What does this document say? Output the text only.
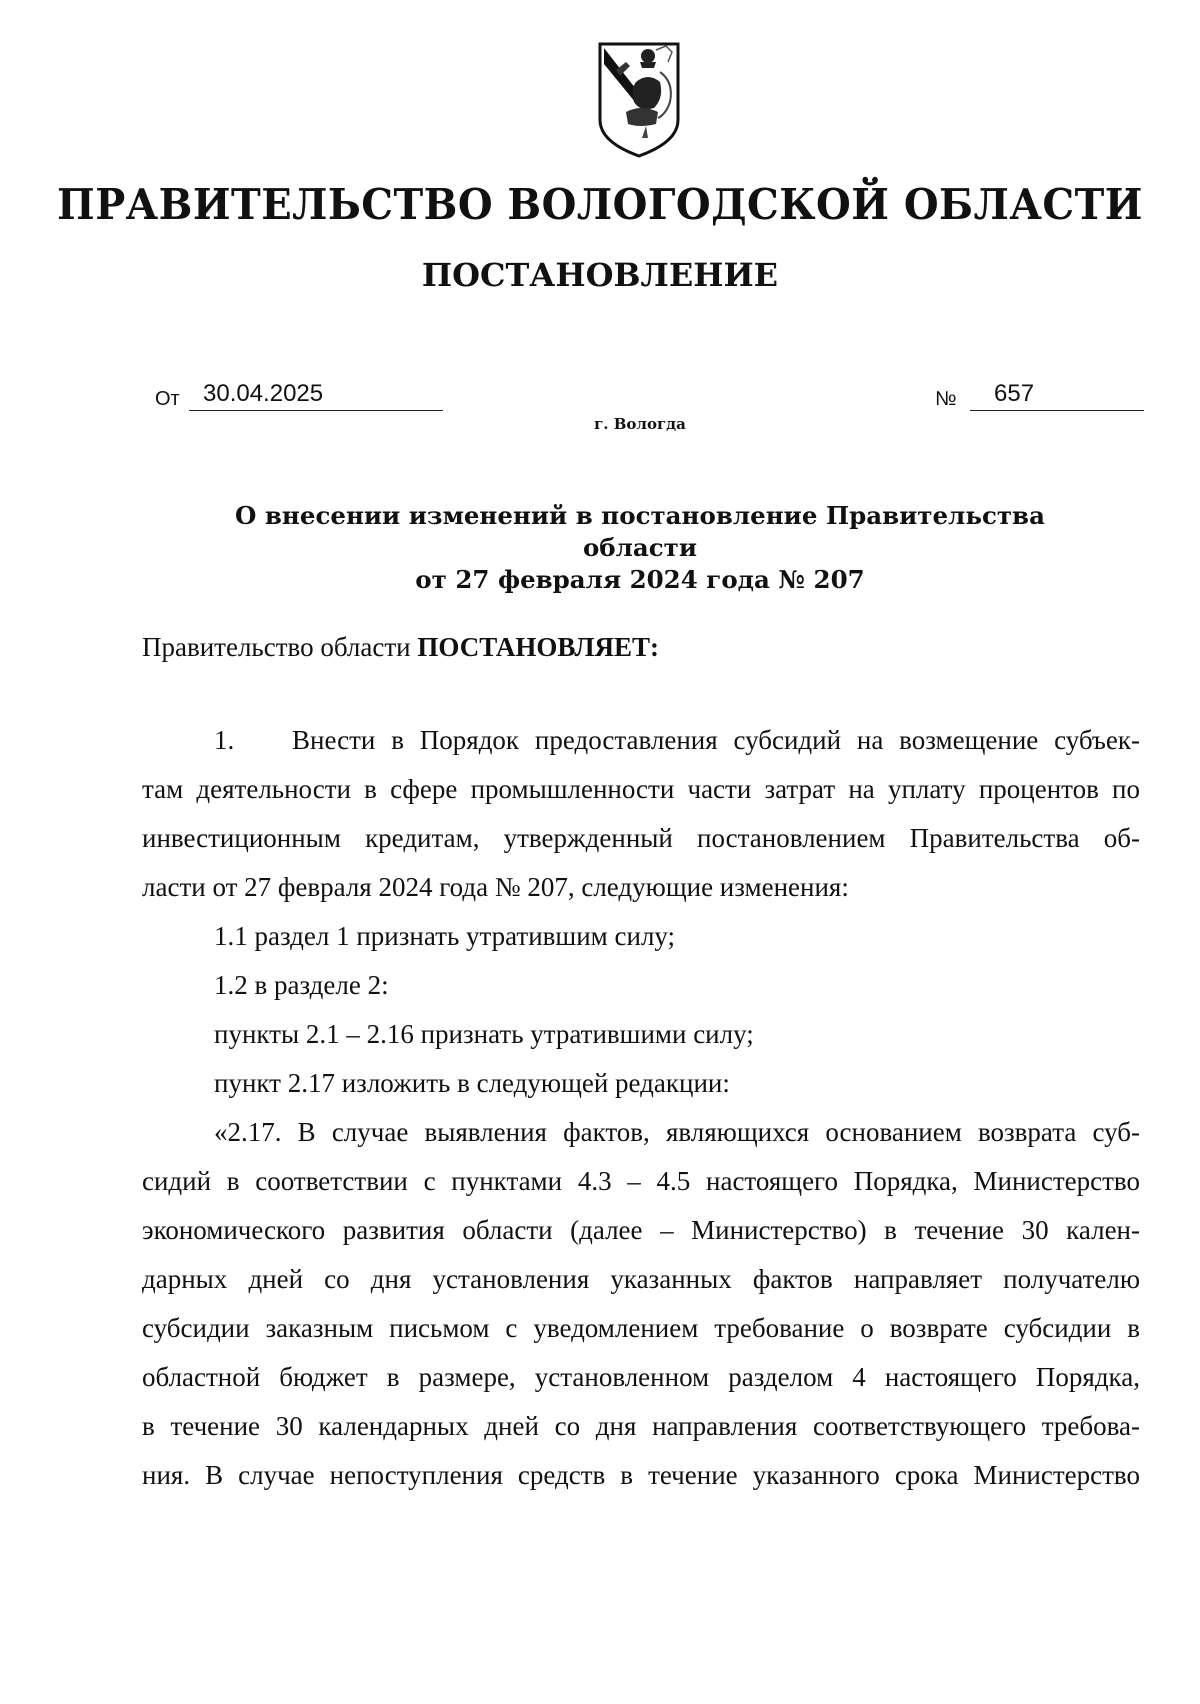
ПРАВИТЕЛЬСТВО ВОЛОГОДСКОЙ ОБЛАСТИ
ПОСТАНОВЛЕНИЕ
От 30.04.2025	№	657
г. Вологда
О внесении изменений в постановление Правительства области
от 27 февраля 2024 года № 207

Правительство области ПОСТАНОВЛЯЕТ:

1. Внести в Порядок предоставления субсидий на возмещение субъек-
там деятельности в сфере промышленности части затрат на уплату процентов по
инвестиционным кредитам, утвержденный постановлением Правительства об-
ласти от 27 февраля 2024 года № 207, следующие изменения:
1.1 раздел 1 признать утратившим силу;
1.2 в разделе 2:
пункты 2.1 – 2.16 признать утратившими силу;
пункт 2.17 изложить в следующей редакции:
«2.17. В случае выявления фактов, являющихся основанием возврата суб-
сидий в соответствии с пунктами 4.3 – 4.5 настоящего Порядка, Министерство
экономического развития области (далее – Министерство) в течение 30 кален-
дарных дней со дня установления указанных фактов направляет получателю
субсидии заказным письмом с уведомлением требование о возврате субсидии в
областной бюджет в размере, установленном разделом 4 настоящего Порядка,
в течение 30 календарных дней со дня направления соответствующего требова-
ния. В случае непоступления средств в течение указанного срока Министерство
